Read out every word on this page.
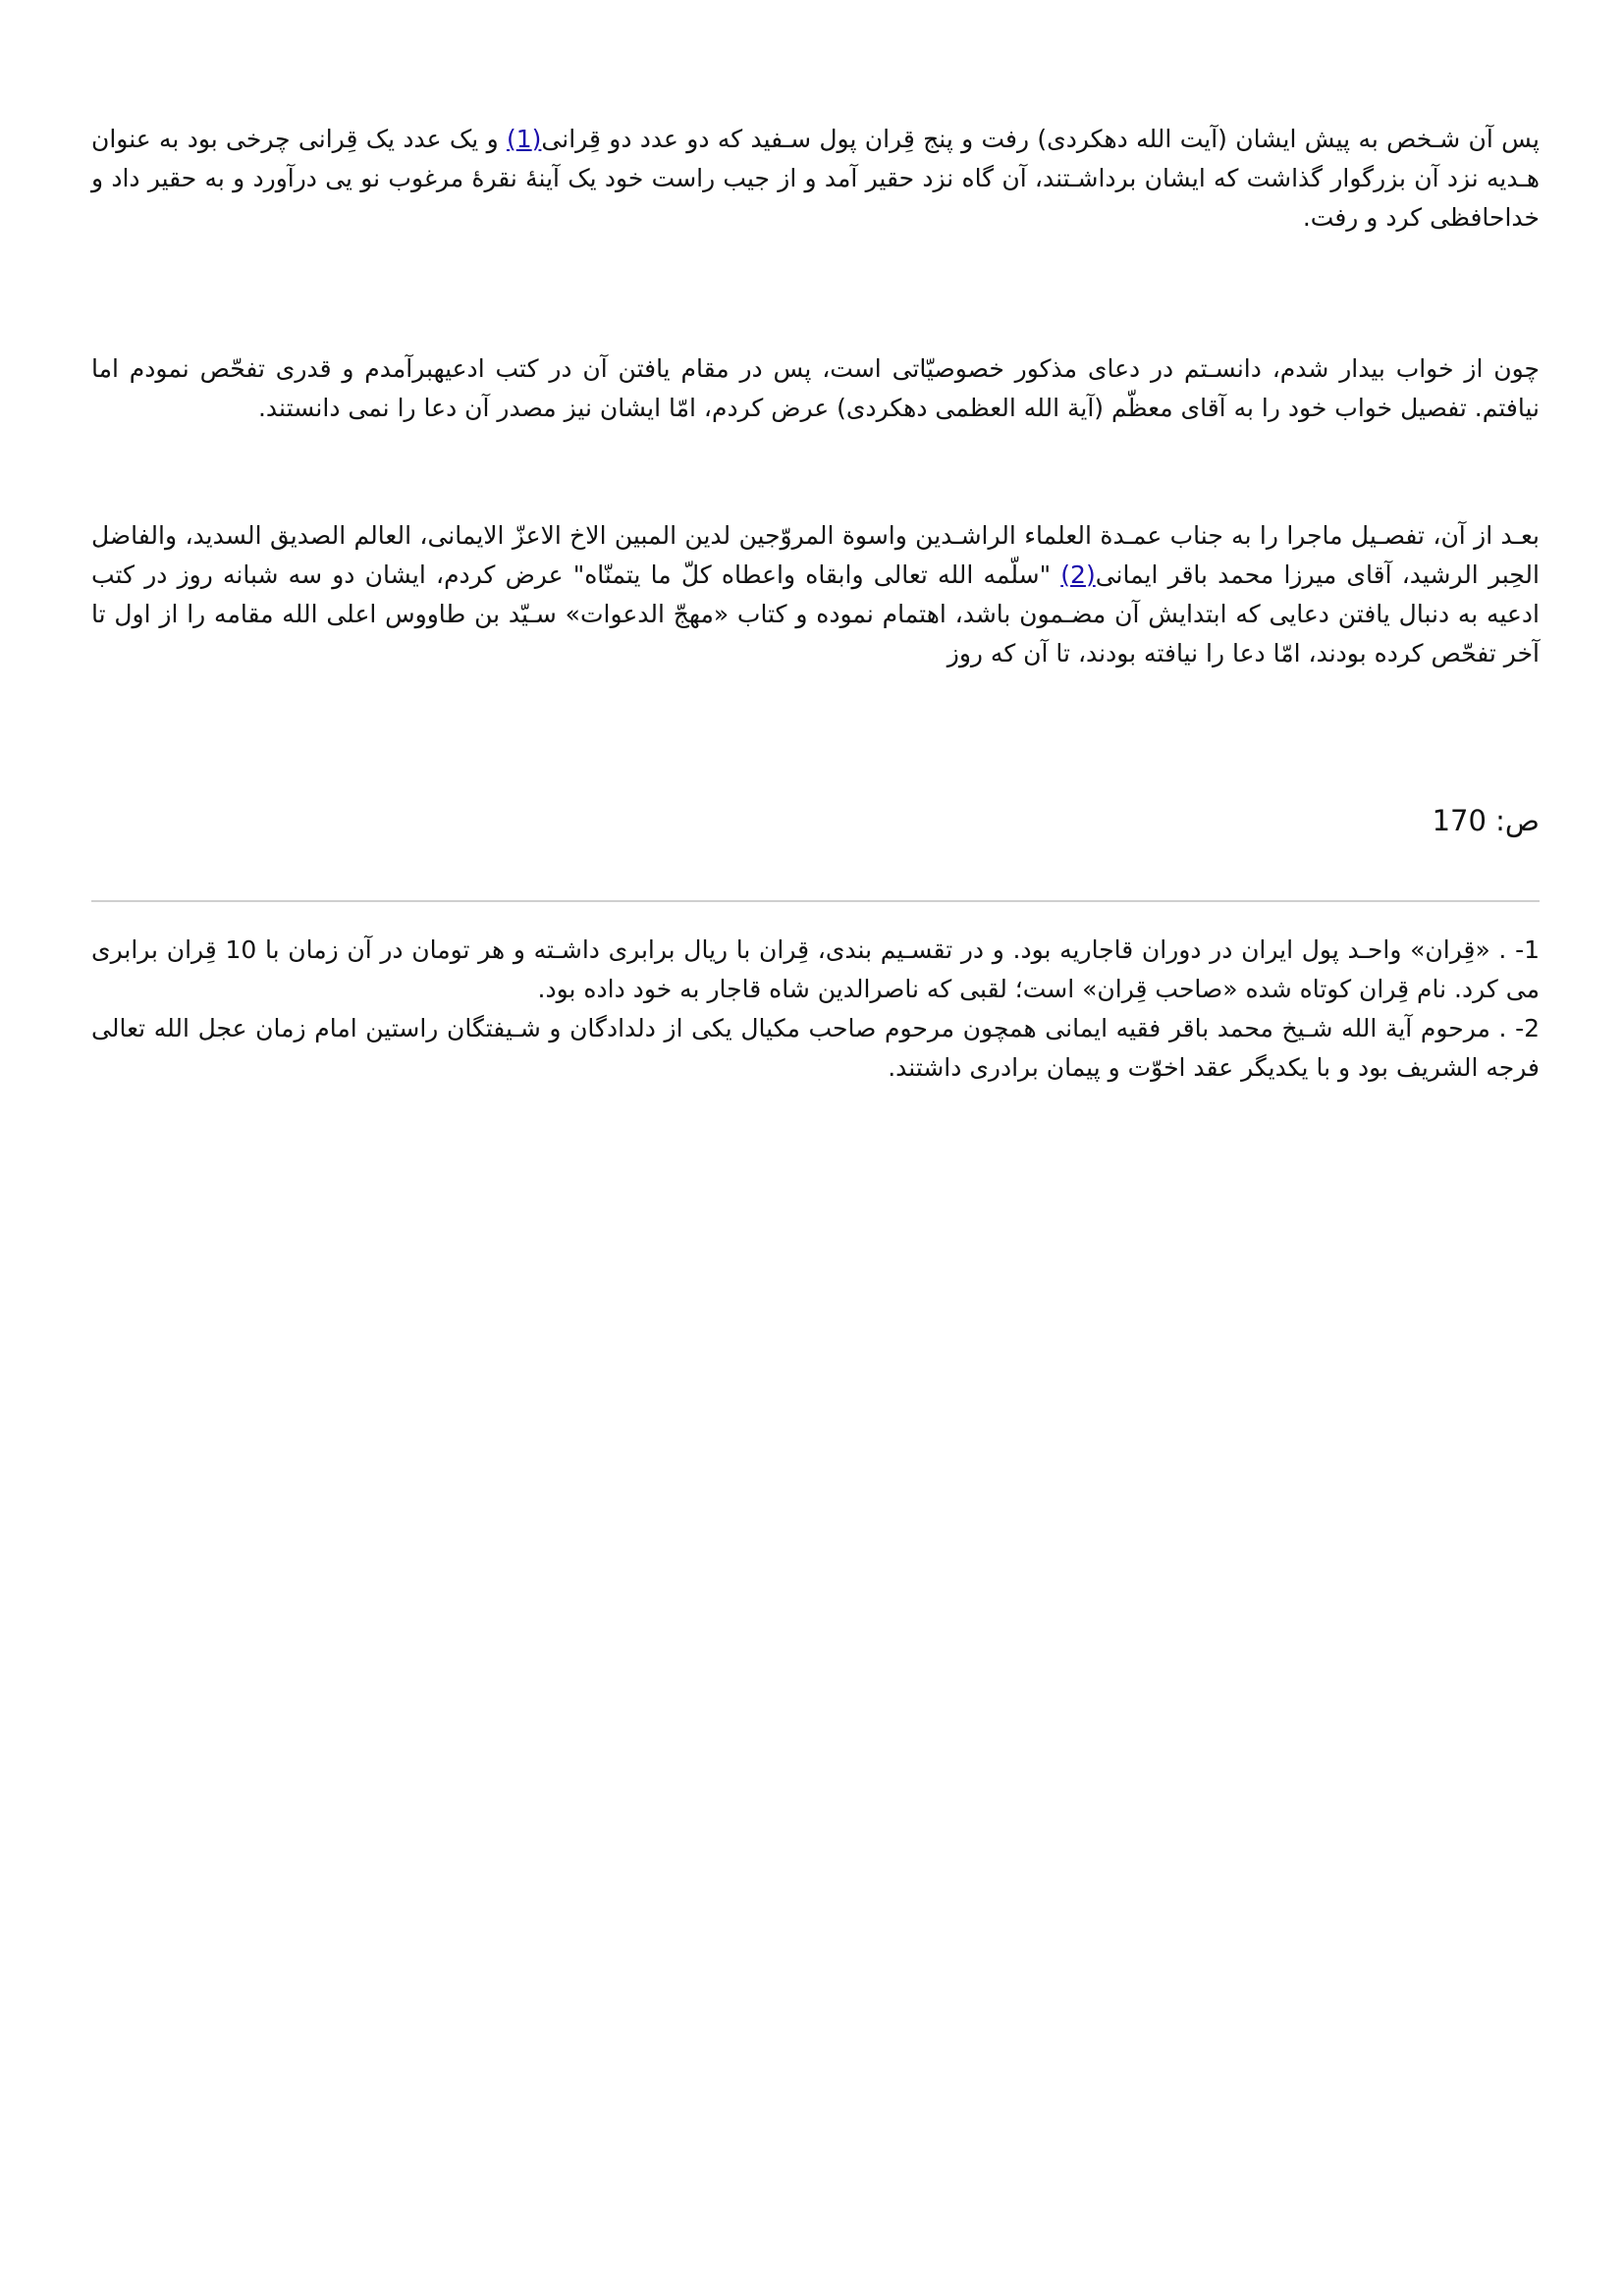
پس آن شـخص به پیش ایشان (آیت الله دهکردی) رفت و پنج قِران پول سـفید که دو عدد دو قِرانی(1) و یک عدد یک قِرانی چرخی بود به عنوان هـدیه نزد آن بزرگوار گذاشت که ایشان برداشـتند، آن گاه نزد حقیر آمد و از جیب راست خود یک آینۀ نقرۀ مرغوب نو یی درآورد و به حقیر داد و خداحافظی کرد و رفت.

چون از خواب بیدار شدم، دانسـتم در دعای مذکور خصوصیّاتی است، پس در مقام یافتن آن در کتب ادعیهبرآمدم و قدری تفحّص نمودم اما نیافتم. تفصیل خواب خود را به آقای معظّم (آیة الله العظمی دهکردی) عرض کردم، امّا ایشان نیز مصدر آن دعا را نمی دانستند.

بعـد از آن، تفصـیل ماجرا را به جناب عمـدة العلماء الراشـدین واسوة المروّجین لدین المبین الاخ الاعزّ الایمانی، العالم الصدیق السدید، والفاضل الحِبر الرشید، آقای میرزا محمد باقر ایمانی(2) "سلّمه الله تعالی وابقاه واعطاه کلّ ما یتمنّاه" عرض کردم، ایشان دو سه شبانه روز در کتب ادعیه به دنبال یافتن دعایی که ابتدایش آن مضـمون باشد، اهتمام نموده و کتاب «مهجّ الدعوات» سـیّد بن طاووس اعلی الله مقامه را از اول تا آخر تفحّص کرده بودند، امّا دعا را نیافته بودند، تا آن که روز

ص: 170

1- . «قِران» واحـد پول ایران در دوران قاجاریه بود. و در تقسـیم بندی، قِران با ریال برابری داشـته و هر تومان در آن زمان با 10 قِران برابری می کرد. نام قِران کوتاه شده «صاحب قِران» است؛ لقبی که ناصرالدین شاه قاجار به خود داده بود.

2- . مرحوم آیة الله شـیخ محمد باقر فقیه ایمانی همچون مرحوم صاحب مکیال یکی از دلدادگان و شـیفتگان راستین امام زمان عجل الله تعالی فرجه الشریف بود و با یکدیگر عقد اخوّت و پیمان برادری داشتند.
